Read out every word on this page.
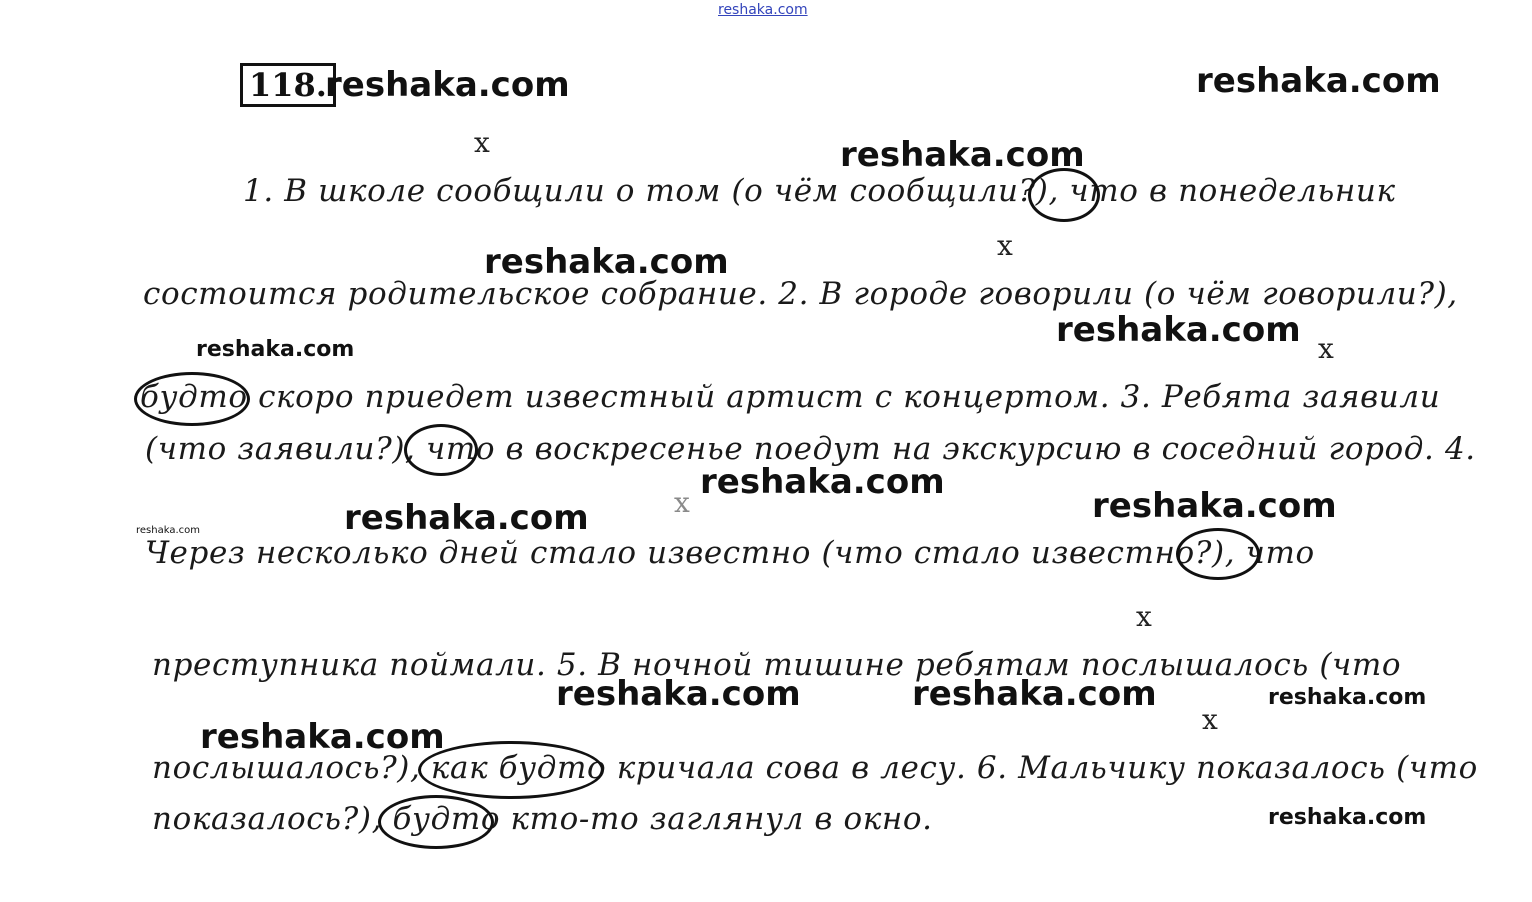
reshaka.com
118.
reshaka.com	reshaka.com
reshaka.com
reshaka.com
reshaka.com
reshaka.com
reshaka.com
reshaka.com
reshaka.com
reshaka.com
reshaka.com	reshaka.com	reshaka.com
reshaka.com
reshaka.com
x
x
x
x
x
x
1. В школе сообщили о том (о чём сообщили?), что в понедельник
состоится родительское собрание. 2. В городе говорили (о чём говорили?),
будто скоро приедет известный артист с концертом. 3. Ребята заявили
(что заявили?), что в воскресенье поедут на экскурсию в соседний город. 4.
Через несколько дней стало известно (что стало известно?), что
преступника поймали. 5. В ночной тишине ребятам послышалось (что
послышалось?), как будто кричала сова в лесу. 6. Мальчику показалось (что
показалось?), будто кто-то заглянул в окно.
